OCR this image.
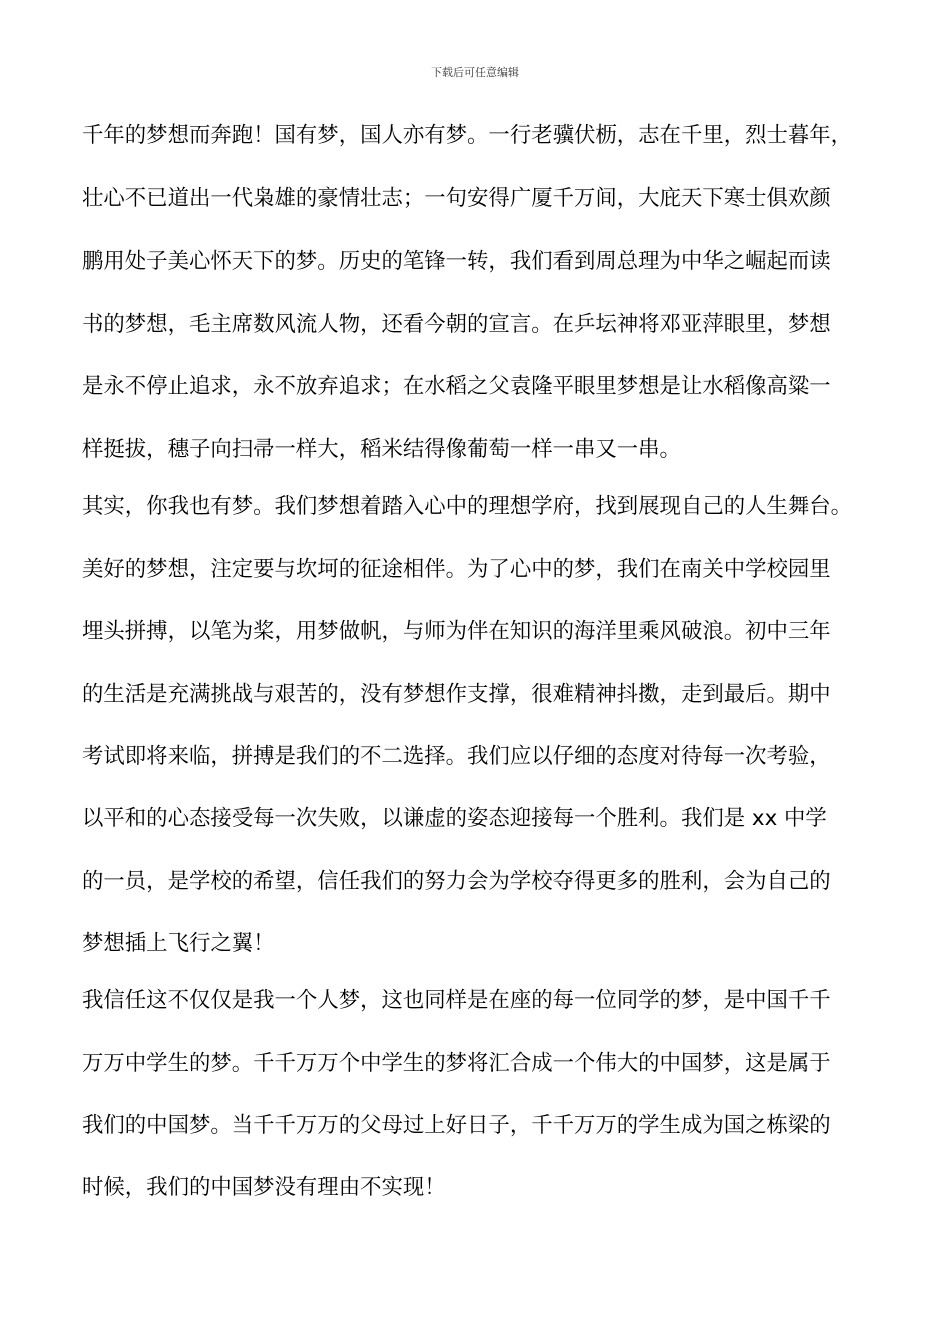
下载后可任意编辑
千年的梦想而奔跑！国有梦，国人亦有梦。一行老骥伏枥，志在千里，烈士暮年，
壮心不已道出一代枭雄的豪情壮志；一句安得广厦千万间，大庇天下寒士俱欢颜
鹏用处子美心怀天下的梦。历史的笔锋一转，我们看到周总理为中华之崛起而读
书的梦想，毛主席数风流人物，还看今朝的宣言。在乒坛神将邓亚萍眼里，梦想
是永不停止追求，永不放弃追求；在水稻之父袁隆平眼里梦想是让水稻像高粱一
样挺拔，穗子向扫帚一样大，稻米结得像葡萄一样一串又一串。
其实，你我也有梦。我们梦想着踏入心中的理想学府，找到展现自己的人生舞台。
美好的梦想，注定要与坎坷的征途相伴。为了心中的梦，我们在南关中学校园里
埋头拼搏，以笔为桨，用梦做帆，与师为伴在知识的海洋里乘风破浪。初中三年
的生活是充满挑战与艰苦的，没有梦想作支撑，很难精神抖擞，走到最后。期中
考试即将来临，拼搏是我们的不二选择。我们应以仔细的态度对待每一次考验，
以平和的心态接受每一次失败，以谦虚的姿态迎接每一个胜利。我们是 xx 中学
的一员，是学校的希望，信任我们的努力会为学校夺得更多的胜利，会为自己的
梦想插上飞行之翼！
我信任这不仅仅是我一个人梦，这也同样是在座的每一位同学的梦，是中国千千
万万中学生的梦。千千万万个中学生的梦将汇合成一个伟大的中国梦，这是属于
我们的中国梦。当千千万万的父母过上好日子，千千万万的学生成为国之栋梁的
时候，我们的中国梦没有理由不实现！
